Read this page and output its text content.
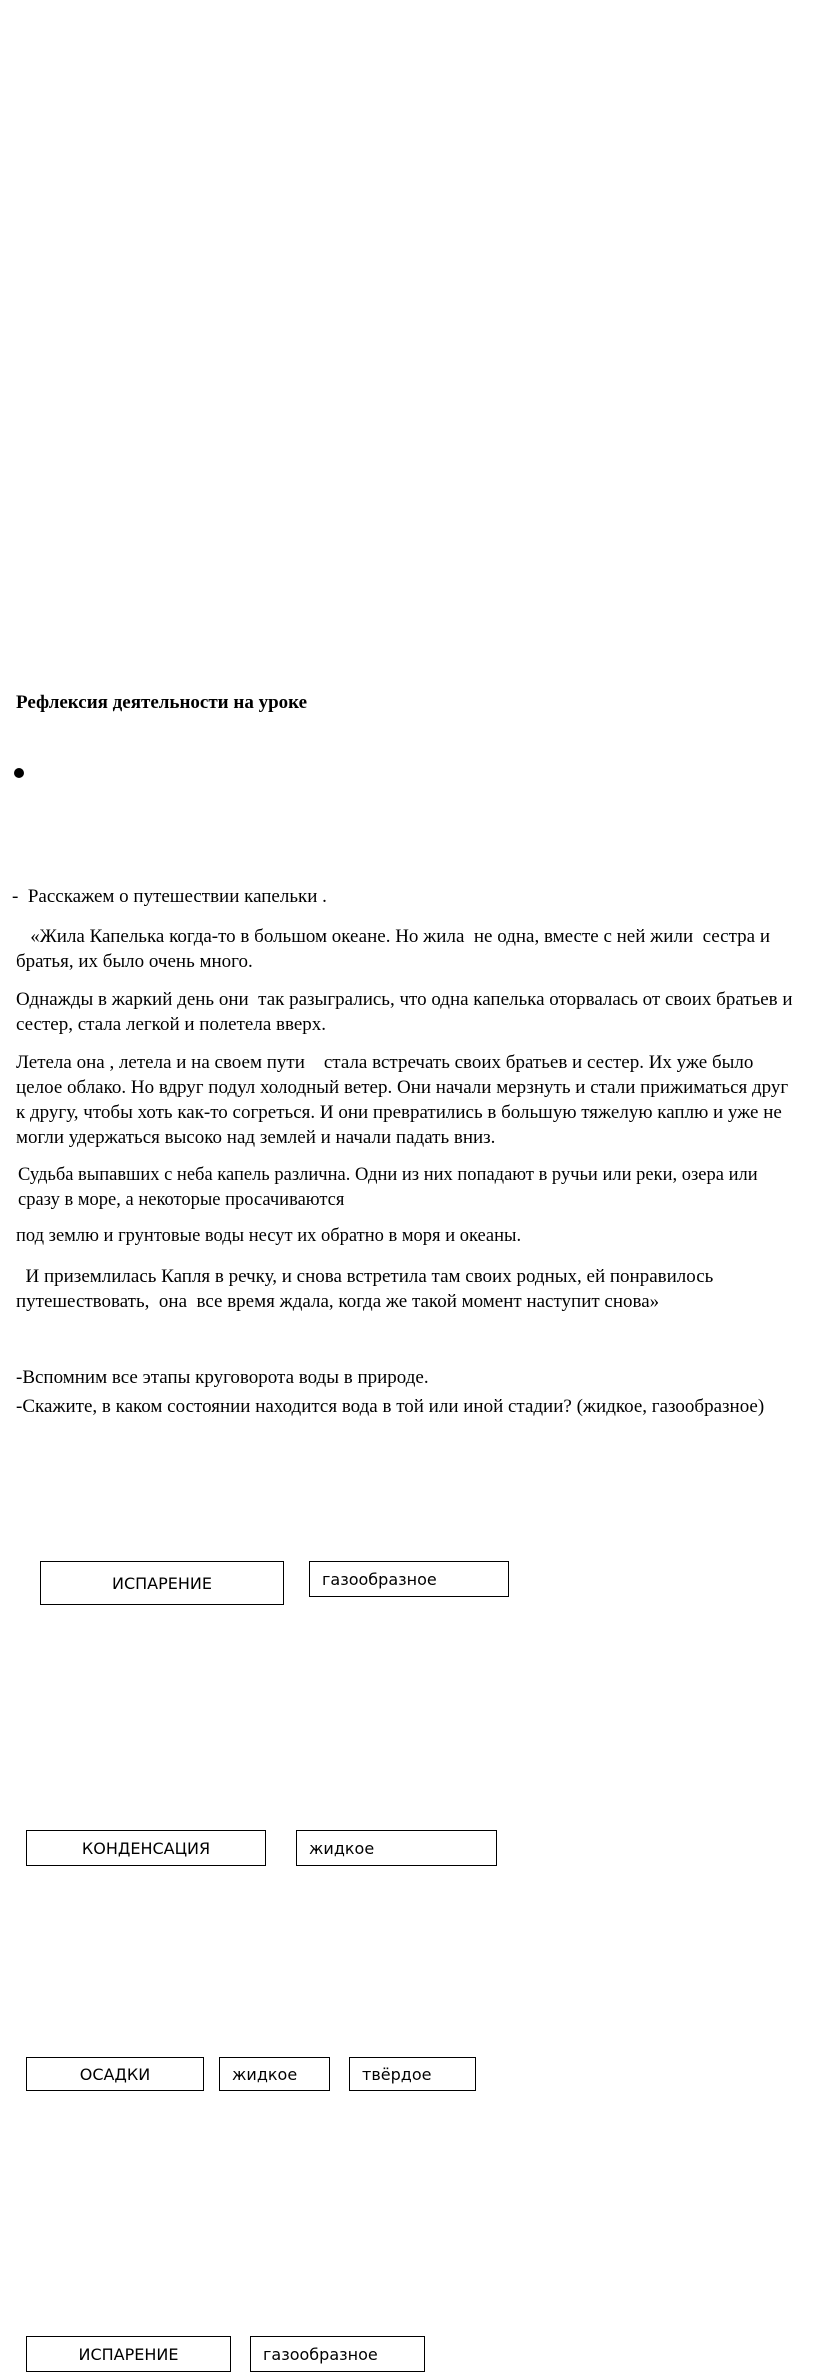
Рефлексия деятельности на уроке

-  Расскажем о путешествии капельки .

«Жила Капелька когда-то в большом океане. Но жила  не одна, вместе с ней жили  сестра и братья, их было очень много.

Однажды в жаркий день они  так разыгрались, что одна капелька оторвалась от своих братьев и сестер, стала легкой и полетела вверх.

Летела она , летела и на своем пути    стала встречать своих братьев и сестер. Их уже было целое облако. Но вдруг подул холодный ветер. Они начали мерзнуть и стали прижиматься друг к другу, чтобы хоть как-то согреться. И они превратились в большую тяжелую каплю и уже не могли удержаться высоко над землей и начали падать вниз.

Судьба выпавших с неба капель различна. Одни из них попадают в ручьи или реки, озера или сразу в море, а некоторые просачиваются

под землю и грунтовые воды несут их обратно в моря и океаны.

И приземлилась Капля в речку, и снова встретила там своих родных, ей понравилось путешествовать,  она  все время ждала, когда же такой момент наступит снова»

-Вспомним все этапы круговорота воды в природе.

-Скажите, в каком состоянии находится вода в той или иной стадии? (жидкое, газообразное)
ИСПАРЕНИЕ	газообразное
КОНДЕНСАЦИЯ	жидкое
ОСАДКИ	жидкое	твёрдое
ИСПАРЕНИЕ	газообразное
